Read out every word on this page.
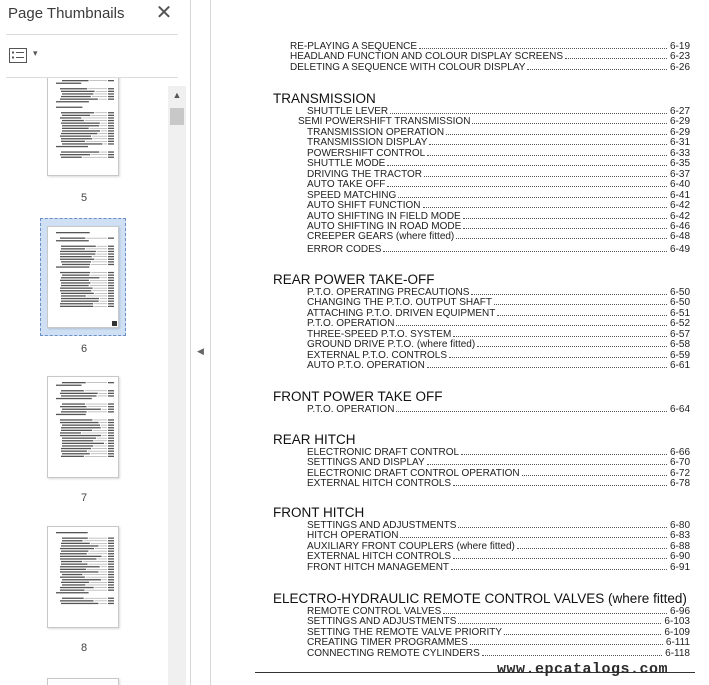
Page Thumbnails ✕
▾
5
6
7
8
▲
◀
RE-PLAYING A SEQUENCE	6-19
HEADLAND FUNCTION AND COLOUR DISPLAY SCREENS	6-23
DELETING A SEQUENCE WITH COLOUR DISPLAY	6-26
TRANSMISSION
SHUTTLE LEVER	6-27
SEMI POWERSHIFT TRANSMISSION	6-29
TRANSMISSION OPERATION	6-29
TRANSMISSION DISPLAY	6-31
POWERSHIFT CONTROL	6-33
SHUTTLE MODE	6-35
DRIVING THE TRACTOR	6-37
AUTO TAKE OFF	6-40
SPEED MATCHING	6-41
AUTO SHIFT FUNCTION	6-42
AUTO SHIFTING IN FIELD MODE	6-42
AUTO SHIFTING IN ROAD MODE	6-46
CREEPER GEARS (where fitted)	6-48
ERROR CODES	6-49
REAR POWER TAKE-OFF
P.T.O. OPERATING PRECAUTIONS	6-50
CHANGING THE P.T.O. OUTPUT SHAFT	6-50
ATTACHING P.T.O. DRIVEN EQUIPMENT	6-51
P.T.O. OPERATION	6-52
THREE-SPEED P.T.O. SYSTEM	6-57
GROUND DRIVE P.T.O. (where fitted)	6-58
EXTERNAL P.T.O. CONTROLS	6-59
AUTO P.T.O. OPERATION	6-61
FRONT POWER TAKE OFF
P.T.O. OPERATION	6-64
REAR HITCH
ELECTRONIC DRAFT CONTROL	6-66
SETTINGS AND DISPLAY	6-70
ELECTRONIC DRAFT CONTROL OPERATION	6-72
EXTERNAL HITCH CONTROLS	6-78
FRONT HITCH
SETTINGS AND ADJUSTMENTS	6-80
HITCH OPERATION	6-83
AUXILIARY FRONT COUPLERS (where fitted)	6-88
EXTERNAL HITCH CONTROLS	6-90
FRONT HITCH MANAGEMENT	6-91
ELECTRO-HYDRAULIC REMOTE CONTROL VALVES (where fitted)
REMOTE CONTROL VALVES	6-96
SETTINGS AND ADJUSTMENTS	6-103
SETTING THE REMOTE VALVE PRIORITY	6-109
CREATING TIMER PROGRAMMES	6-111
CONNECTING REMOTE CYLINDERS	6-118
www.epcatalogs.com
